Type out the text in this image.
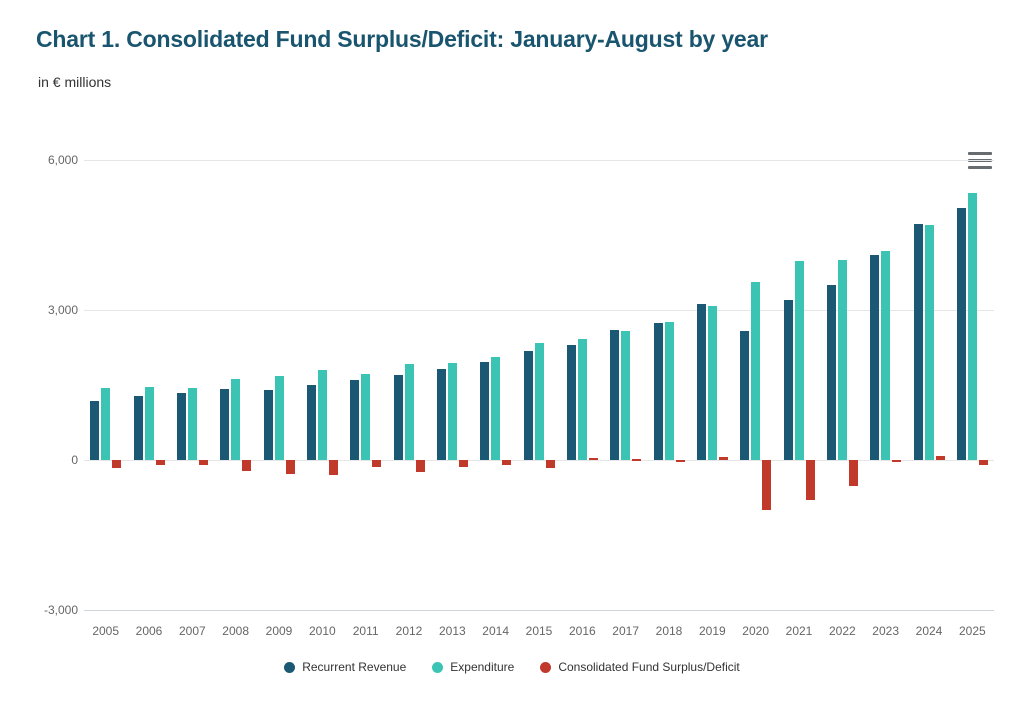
Chart 1. Consolidated Fund Surplus/Deficit: January-August by year
in € millions
-3,000
0
3,000
6,000
2005	2006	2007	2008	2009	2010	2011	2012	2013	2014	2015	2016	2017	2018	2019	2020	2021	2022	2023	2024	2025
Recurrent Revenue	Expenditure	Consolidated Fund Surplus/Deficit
